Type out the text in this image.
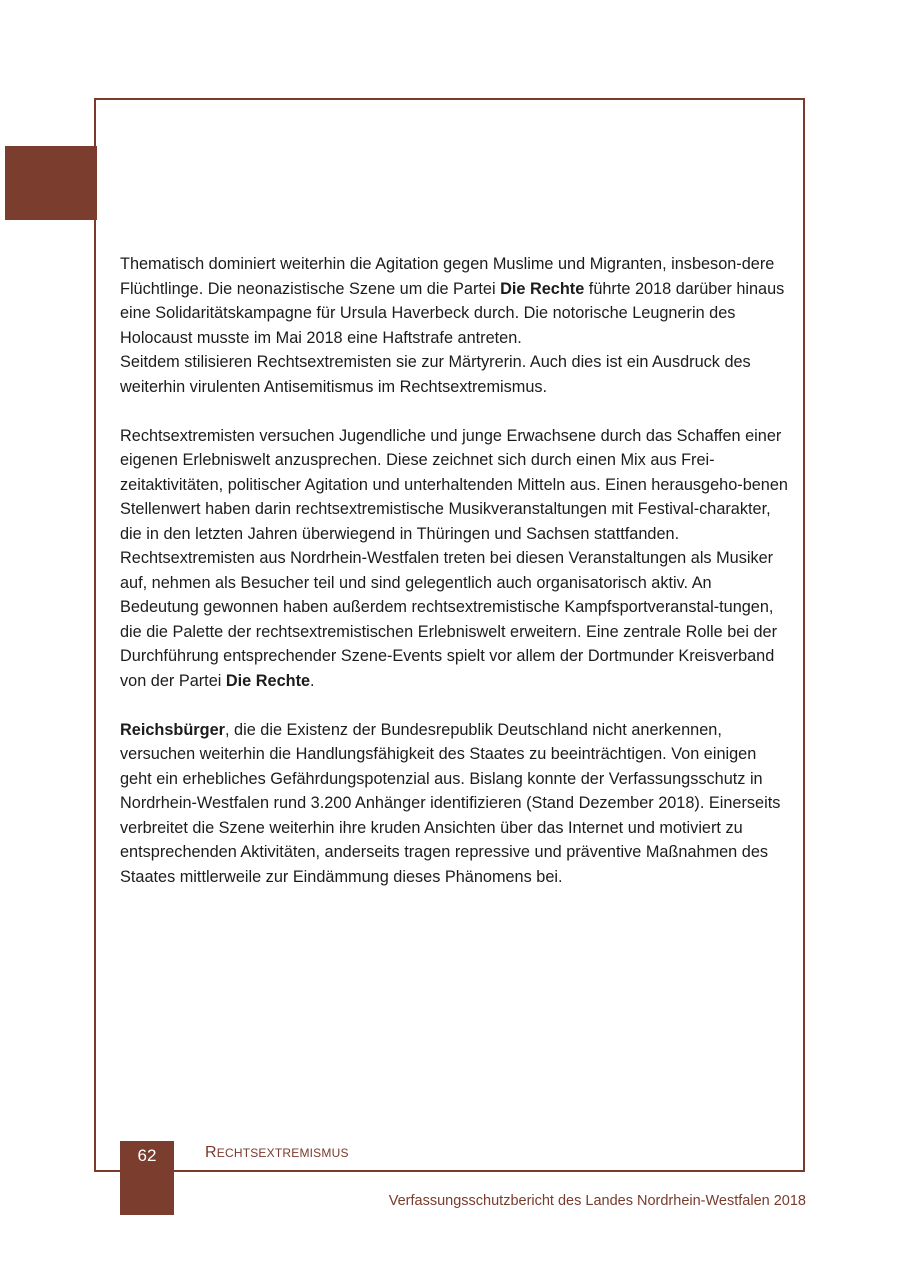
Thematisch dominiert weiterhin die Agitation gegen Muslime und Migranten, insbeson-dere Flüchtlinge. Die neonazistische Szene um die Partei Die Rechte führte 2018 darüber hinaus eine Solidaritätskampagne für Ursula Haverbeck durch. Die notorische Leugnerin des Holocaust musste im Mai 2018 eine Haftstrafe antreten.
Seitdem stilisieren Rechtsextremisten sie zur Märtyrerin. Auch dies ist ein Ausdruck des weiterhin virulenten Antisemitismus im Rechtsextremismus.

Rechtsextremisten versuchen Jugendliche und junge Erwachsene durch das Schaffen einer eigenen Erlebniswelt anzusprechen. Diese zeichnet sich durch einen Mix aus Frei-zeitaktivitäten, politischer Agitation und unterhaltenden Mitteln aus. Einen herausgeho-benen Stellenwert haben darin rechtsextremistische Musikveranstaltungen mit Festival-charakter, die in den letzten Jahren überwiegend in Thüringen und Sachsen stattfanden. Rechtsextremisten aus Nordrhein-Westfalen treten bei diesen Veranstaltungen als Musiker auf, nehmen als Besucher teil und sind gelegentlich auch organisatorisch aktiv. An Bedeutung gewonnen haben außerdem rechtsextremistische Kampfsportveranstal-tungen, die die Palette der rechtsextremistischen Erlebniswelt erweitern. Eine zentrale Rolle bei der Durchführung entsprechender Szene-Events spielt vor allem der Dortmunder Kreisverband von der Partei Die Rechte.

Reichsbürger, die die Existenz der Bundesrepublik Deutschland nicht anerkennen, versuchen weiterhin die Handlungsfähigkeit des Staates zu beeinträchtigen. Von einigen geht ein erhebliches Gefährdungspotenzial aus. Bislang konnte der Verfassungsschutz in Nordrhein-Westfalen rund 3.200 Anhänger identifizieren (Stand Dezember 2018). Einerseits verbreitet die Szene weiterhin ihre kruden Ansichten über das Internet und motiviert zu entsprechenden Aktivitäten, anderseits tragen repressive und präventive Maßnahmen des Staates mittlerweile zur Eindämmung dieses Phänomens bei.

62	RECHTSEXTREMISMUS
Verfassungsschutzbericht des Landes Nordrhein-Westfalen 2018
